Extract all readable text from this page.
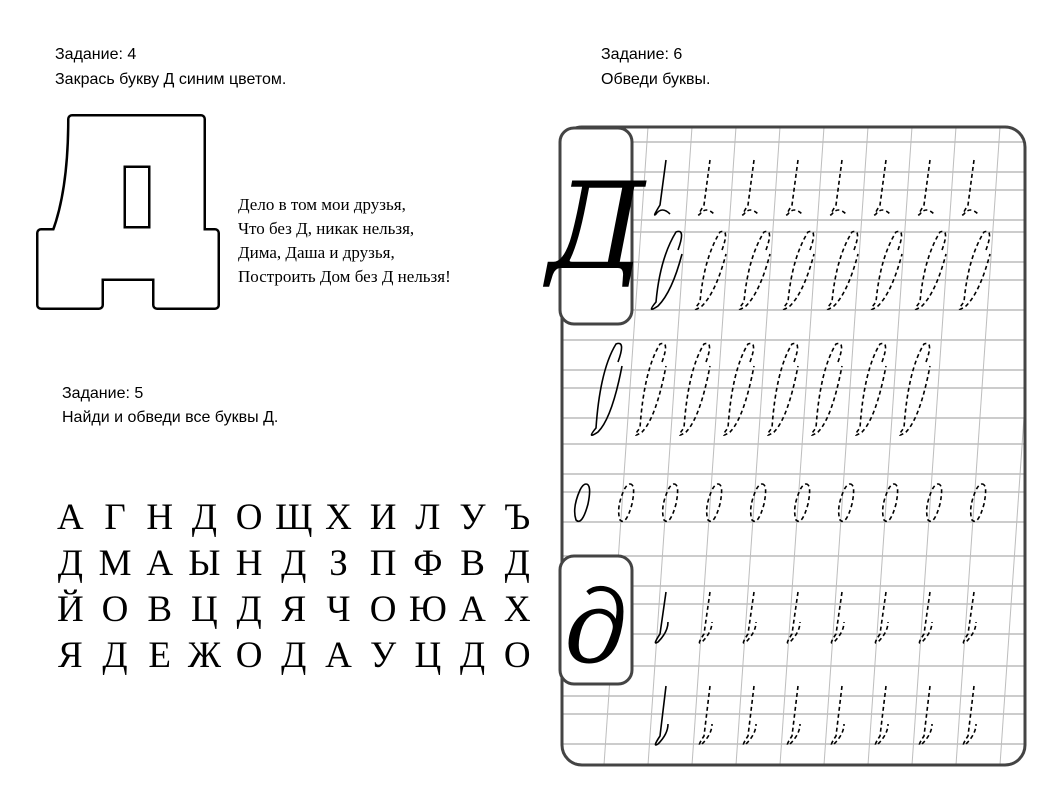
Задание: 4
Закрась букву Д синим цветом.
Задание: 6
Обведи буквы.
Задание: 5
Найди и обведи все буквы Д.
Дело в том мои друзья,
Что без Д, никак нельзя,
Дима, Даша и друзья,
Построить Дом без Д нельзя!
А Г Н Д О Щ Х И Л У Ъ
Д М А Ы Н Д З П Ф В Д
Й О В Ц Д Я Ч О Ю А Х
Я Д Е Ж О Д А У Ц Д О
Д
д
